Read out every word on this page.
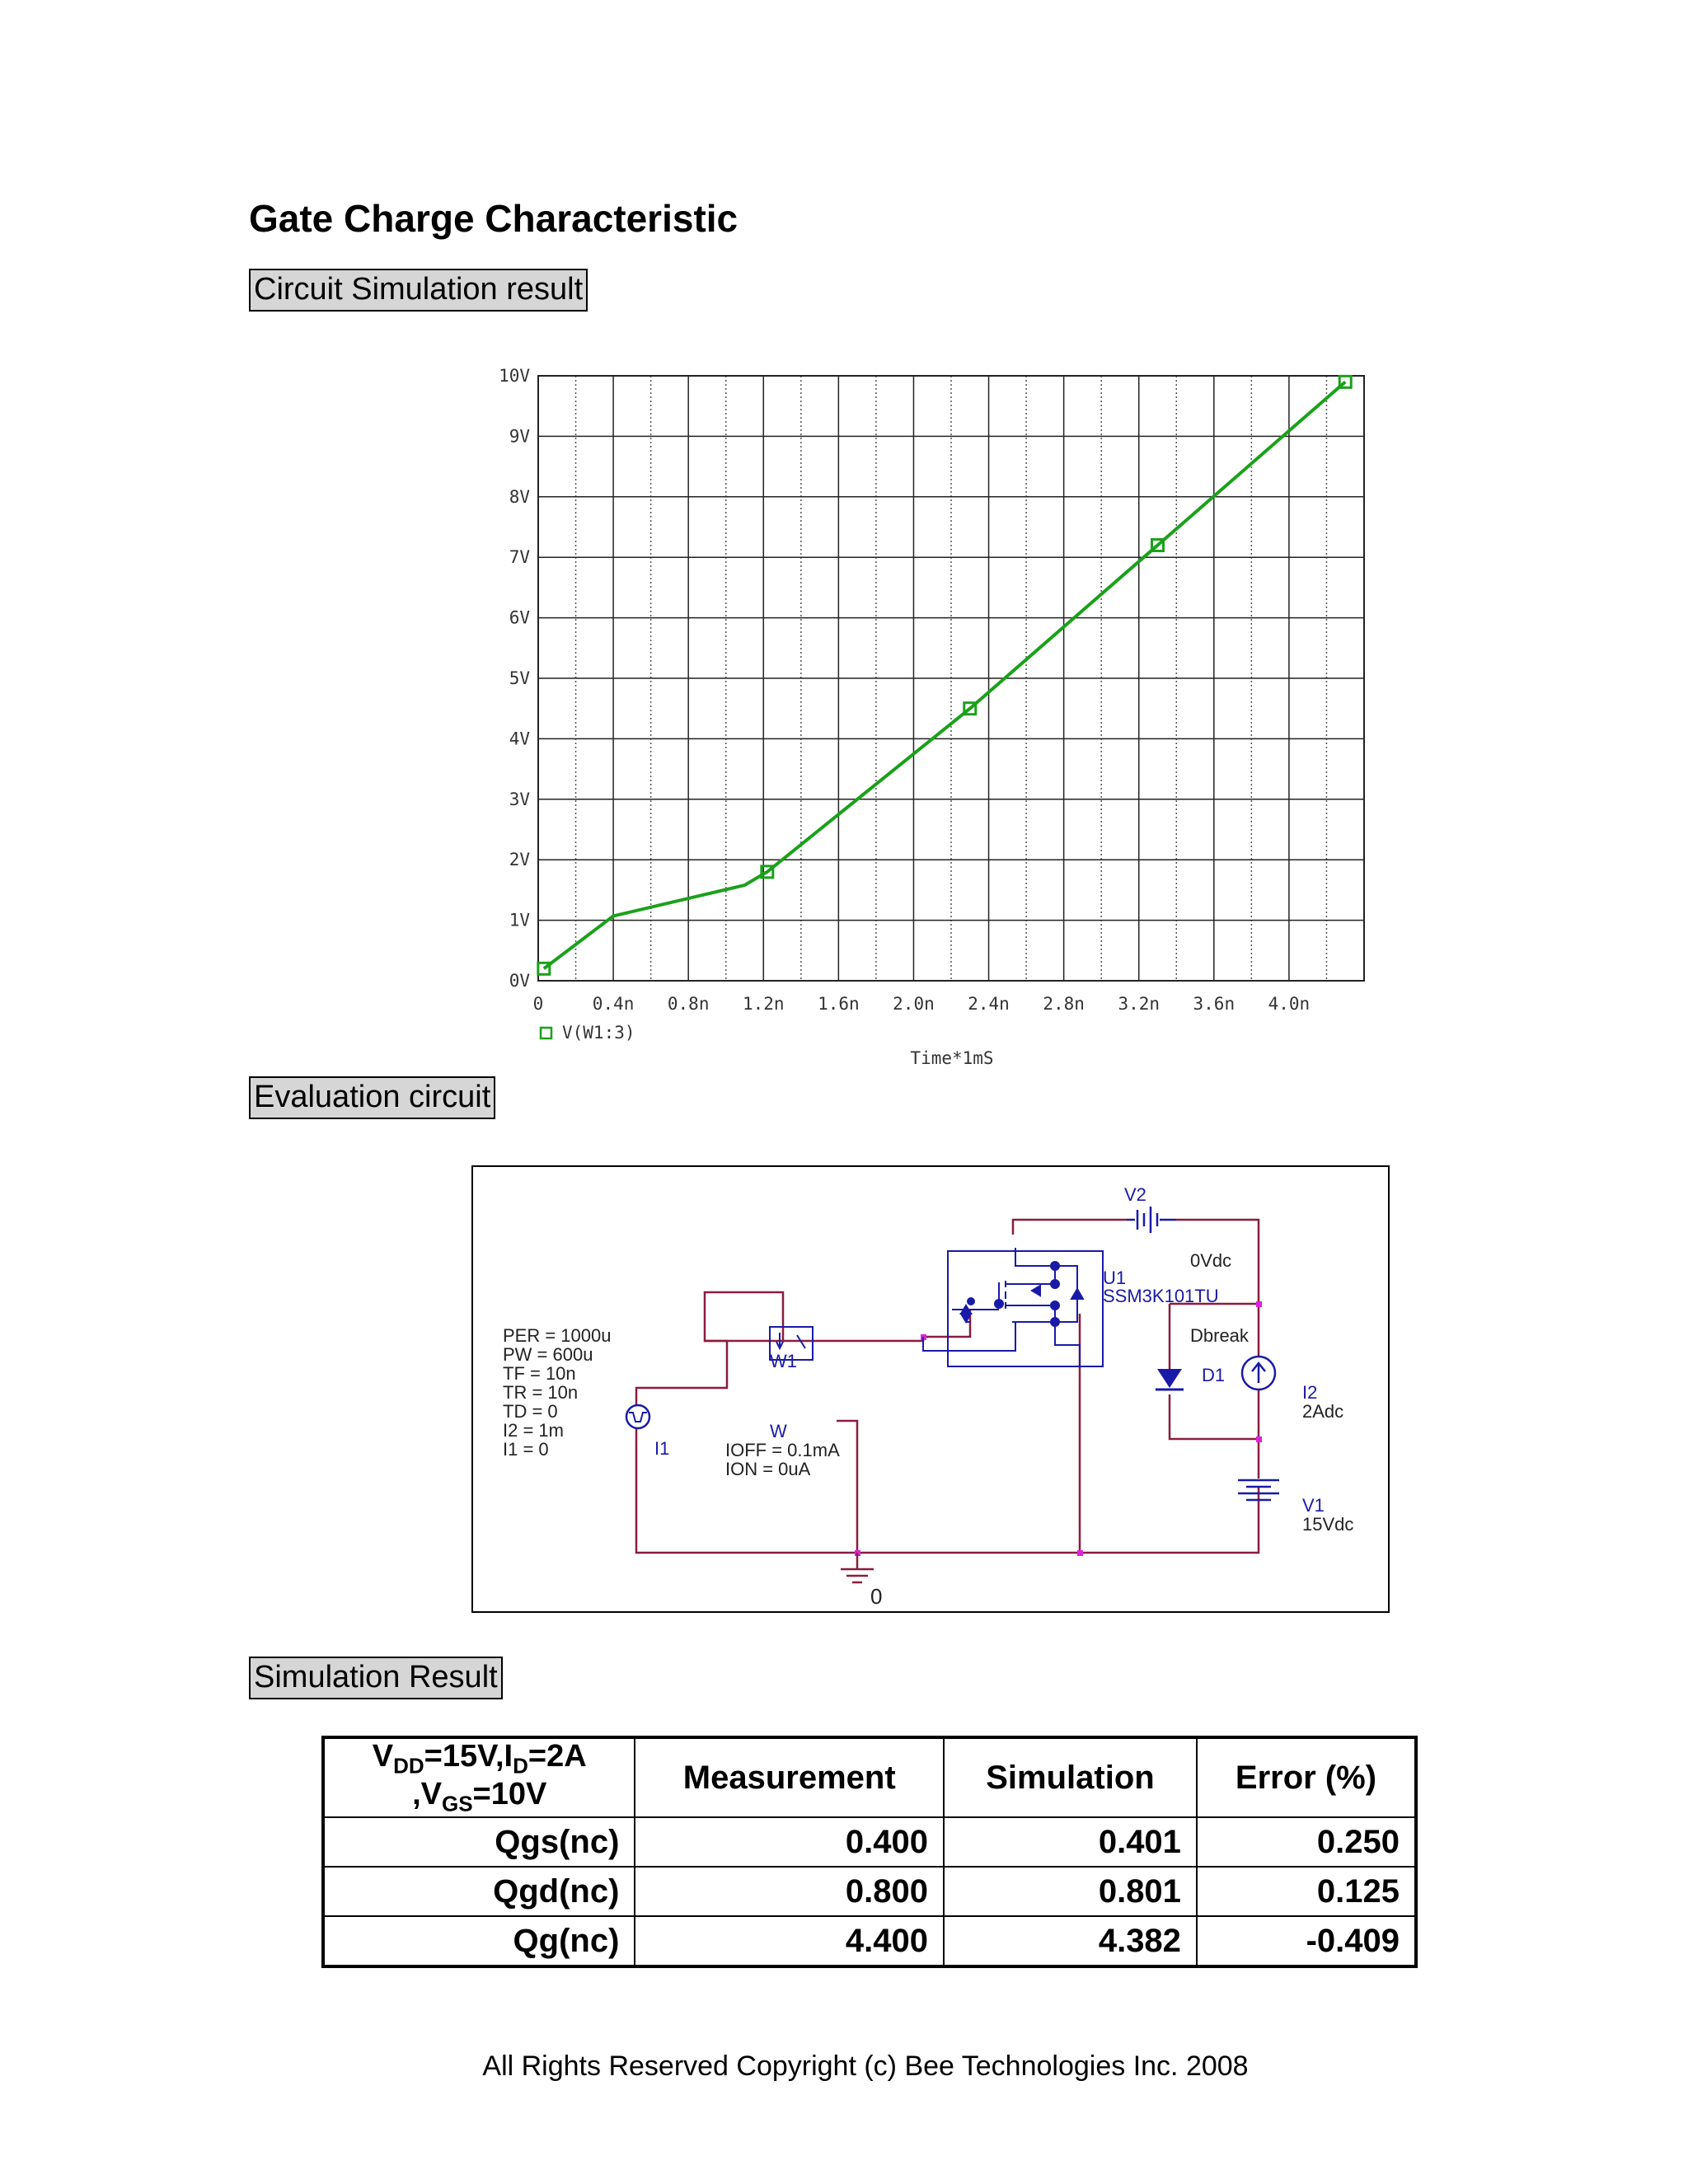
Gate Charge Characteristic
Circuit Simulation result
Evaluation circuit
Simulation Result
0V
1V
2V
3V
4V
5V
6V
7V
8V
9V
10V
0	0.4n 0.8n 1.2n 1.6n 2.0n 2.4n 2.8n 3.2n 3.6n 4.0n
V(W1:3)
Time*1mS
PER = 1000u
PW = 600u
TF = 10n
TR = 10n
TD = 0
I2 = 1m
I1 = 0	I1
W1
V2
U1
SSM3K101TU
D1
I2
V1
W
IOFF = 0.1mA
ION = 0uA
0Vdc
Dbreak
2Adc
15Vdc
0
$V_{DD}=15V,I_D=2A$
$,V_{GS}=10V$	Measurement	Simulation	Error (%)
Qgs(nc)	0.400	0.401	0.250
Qgd(nc)	0.800	0.801	0.125
Qg(nc)	4.400	4.382	-0.409
All Rights Reserved Copyright (c) Bee Technologies Inc. 2008
